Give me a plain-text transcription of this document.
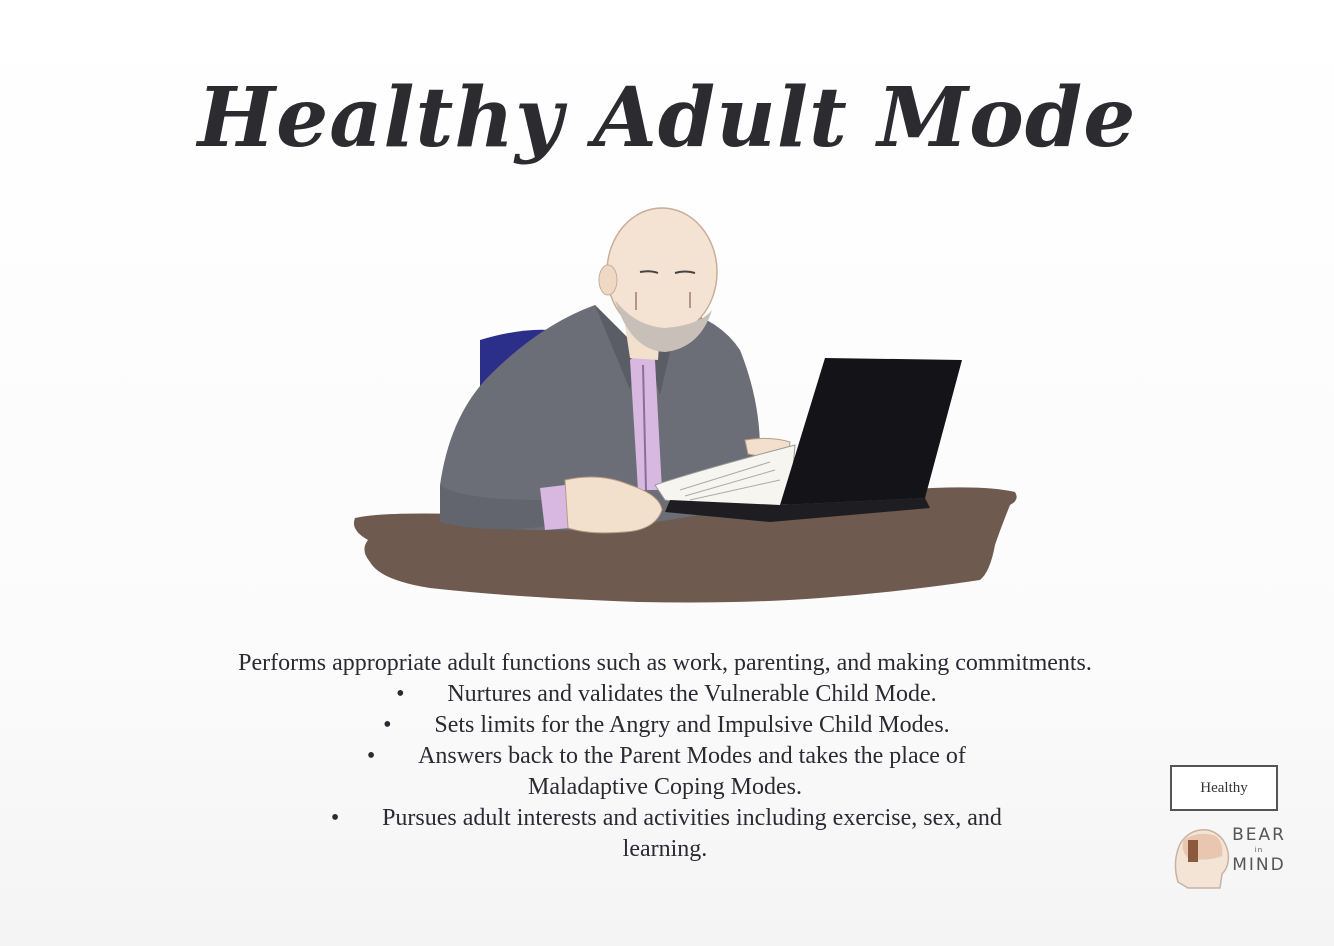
Healthy Adult Mode

Performs appropriate adult functions such as work, parenting, and making commitments.

• Nurtures and validates the Vulnerable Child Mode.
• Sets limits for the Angry and Impulsive Child Modes.
• Answers back to the Parent Modes and takes the place of Maladaptive Coping Modes.
• Pursues adult interests and activities including exercise, sex, and learning.
Healthy
BEAR
in
MIND
